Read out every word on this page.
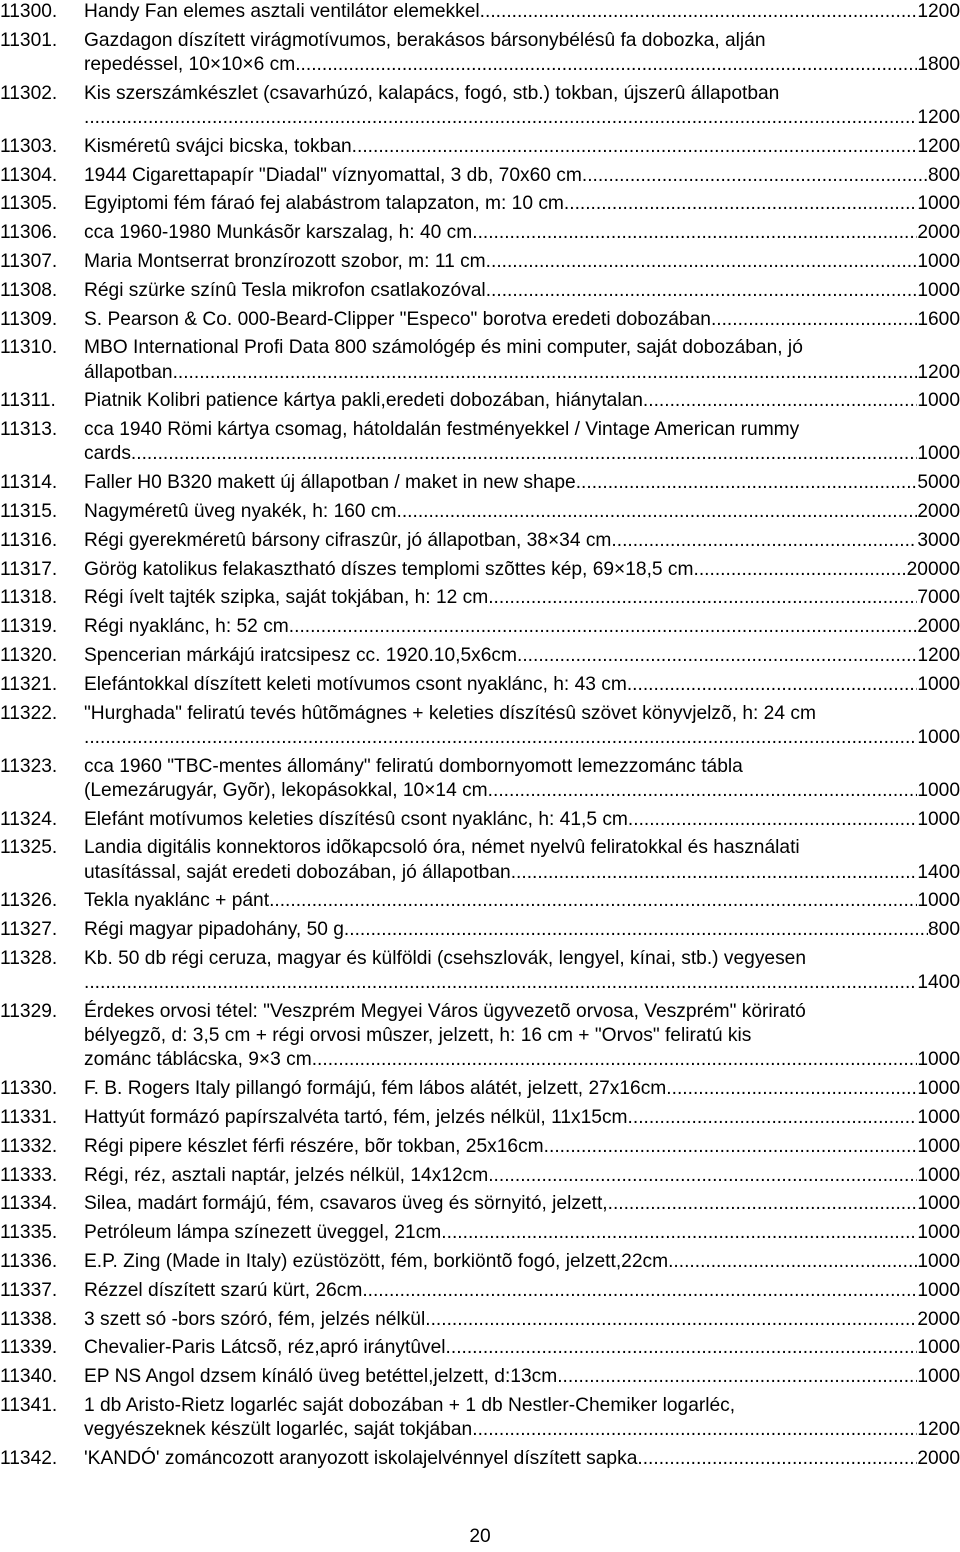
11300.	Handy Fan elemes asztali ventilátor elemekkel .....	1200
11301.	Gazdagon díszített virágmotívumos, berakásos bársonybélésû fa dobozka, alján
repedéssel, 10×10×6 cm .....	1800
11302.	Kis szerszámkészlet (csavarhúzó, kalapács, fogó, stb.) tokban, újszerû állapotban
.....
1200
11303.	Kisméretû svájci bicska, tokban .....	1200
11304.	1944 Cigarettapapír "Diadal" víznyomattal, 3 db, 70x60 cm .....	800
11305.	Egyiptomi fém fáraó fej alabástrom talapzaton, m: 10 cm .....	1000
11306.	cca 1960-1980 Munkásõr karszalag, h: 40 cm .....	2000
11307.	Maria Montserrat bronzírozott szobor, m: 11 cm .....	1000
11308.	Régi szürke színû Tesla mikrofon csatlakozóval .....	1000
11309.	S. Pearson & Co. 000-Beard-Clipper "Especo" borotva eredeti dobozában .....	1600
11310.	MBO International Profi Data 800 számológép és mini computer, saját dobozában, jó
állapotban .....	1200
11311.	Piatnik Kolibri patience kártya pakli,eredeti dobozában, hiánytalan .....	1000
11313.	cca 1940 Römi kártya csomag, hátoldalán festményekkel / Vintage American rummy
cards .....	1000
11314.	Faller H0 B320 makett új állapotban / maket in new shape .....	5000
11315.	Nagyméretû üveg nyakék, h: 160 cm .....	2000
11316.	Régi gyerekméretû bársony cifraszûr, jó állapotban, 38×34 cm .....	3000
11317.	Görög katolikus felakasztható díszes templomi szõttes kép, 69×18,5 cm .....	20000
11318.	Régi ívelt tajték szipka, saját tokjában, h: 12 cm .....	7000
11319.	Régi nyaklánc, h: 52 cm .....	2000
11320.	Spencerian márkájú iratcsipesz cc. 1920.10,5x6cm .....	1200
11321.	Elefántokkal díszített keleti motívumos csont nyaklánc, h: 43 cm .....	1000
11322.	"Hurghada" feliratú tevés hûtõmágnes + keleties díszítésû szövet könyvjelzõ, h: 24 cm
.....
1000
11323.	cca 1960 "TBC-mentes állomány" feliratú dombornyomott lemezzománc tábla
(Lemezárugyár, Gyõr), lekopásokkal, 10×14 cm .....	1000
11324.	Elefánt motívumos keleties díszítésû csont nyaklánc, h: 41,5 cm .....	1000
11325.	Landia digitális konnektoros idõkapcsoló óra, német nyelvû feliratokkal és használati
utasítással, saját eredeti dobozában, jó állapotban .....	1400
11326.	Tekla nyaklánc + pánt .....	1000
11327.	Régi magyar pipadohány, 50 g .....	800
11328.	Kb. 50 db régi ceruza, magyar és külföldi (csehszlovák, lengyel, kínai, stb.) vegyesen
.....
1400
11329.	Érdekes orvosi tétel: "Veszprém Megyei Város ügyvezetõ orvosa, Veszprém" körirató
bélyegzõ, d: 3,5 cm + régi orvosi mûszer, jelzett, h: 16 cm + "Orvos" feliratú kis
zománc táblácska, 9×3 cm .....	1000
11330.	F. B. Rogers Italy pillangó formájú, fém lábos alátét, jelzett, 27x16cm .....	1000
11331.	Hattyút formázó papírszalvéta tartó, fém, jelzés nélkül, 11x15cm .....	1000
11332.	Régi pipere készlet férfi részére, bõr tokban, 25x16cm .....	1000
11333.	Régi, réz, asztali naptár, jelzés nélkül, 14x12cm .....	1000
11334.	Silea, madárt formájú, fém, csavaros üveg és sörnyitó, jelzett, .....	1000
11335.	Petróleum lámpa színezett üveggel, 21cm .....	1000
11336.	E.P. Zing (Made in Italy) ezüstözött, fém, borkiöntõ fogó, jelzett,22cm .....	1000
11337.	Rézzel díszített szarú kürt, 26cm .....	1000
11338.	3 szett só -bors szóró, fém, jelzés nélkül .....	2000
11339.	Chevalier-Paris Látcsõ, réz,apró iránytûvel .....	1000
11340.	EP NS Angol dzsem kínáló üveg betéttel,jelzett, d:13cm .....	1000
11341.	1 db Aristo-Rietz logarléc saját dobozában + 1 db Nestler-Chemiker logarléc,
vegyészeknek készült logarléc, saját tokjában .....	1200
11342.	'KANDÓ' zománcozott aranyozott iskolajelvénnyel díszített sapka .....	2000
20
